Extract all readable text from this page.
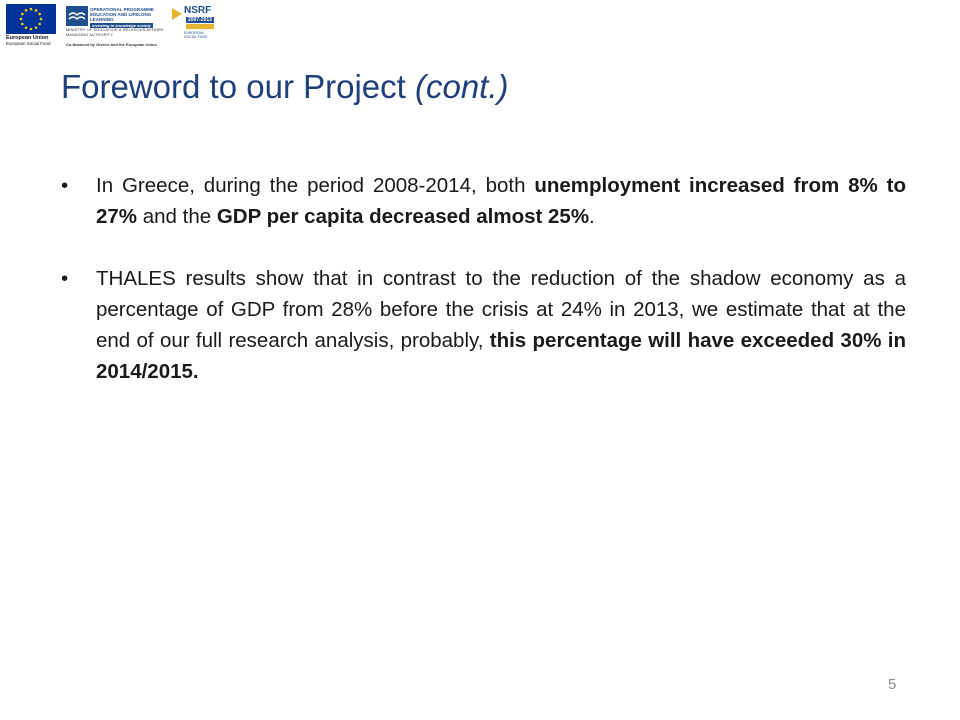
European Union
European Social Fund
OPERATIONAL PROGRAMME
EDUCATION AND LIFELONG LEARNING
investing in knowledge society
MINISTRY OF EDUCATION & RELIGIOUS AFFAIRS
MANAGING AUTHORITY
Co-financed by Greece and the European Union
NSRF
2007-2013
EUROPEAN SOCIAL FUND
Foreword to our Project (cont.)
• In Greece, during the period 2008-2014, both unemployment increased from 8% to 27% and the GDP per capita decreased almost 25%.
• THALES results show that in contrast to the reduction of the shadow economy as a percentage of GDP from 28% before the crisis at 24% in 2013, we estimate that at the end of our full research analysis, probably, this percentage will have exceeded 30% in 2014/2015.
5
